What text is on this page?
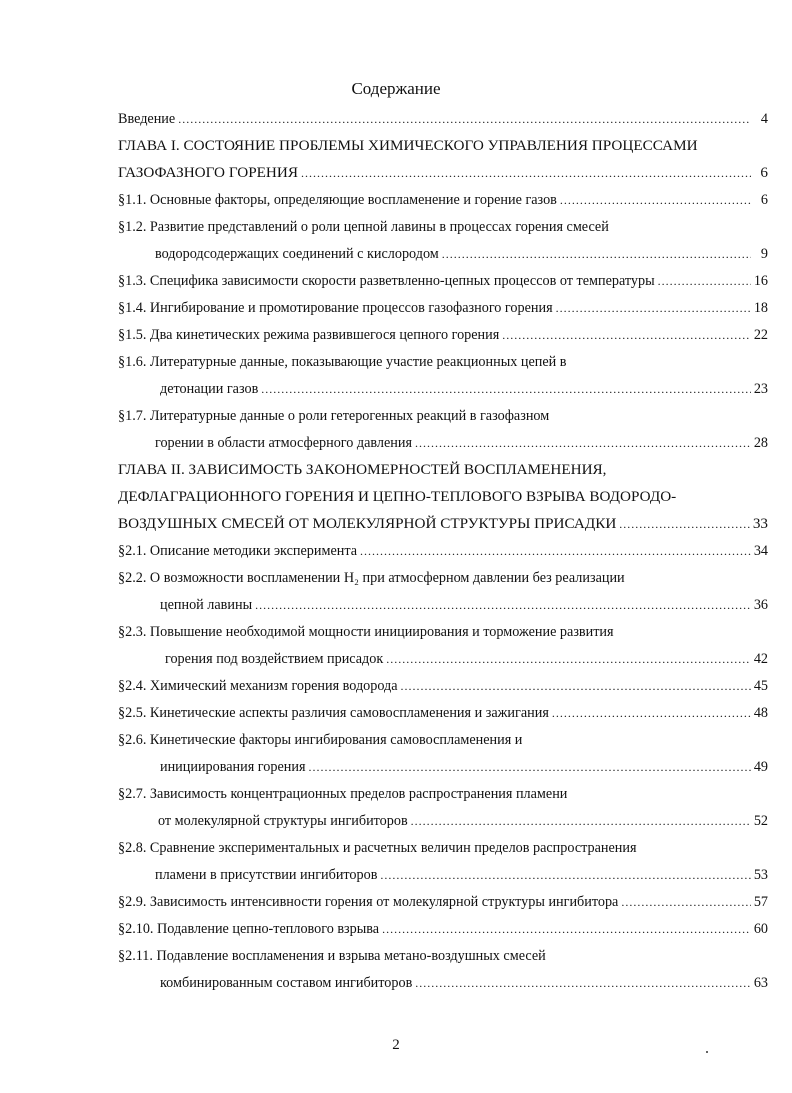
Содержание
Введение .....	4
ГЛАВА I. СОСТОЯНИЕ ПРОБЛЕМЫ ХИМИЧЕСКОГО УПРАВЛЕНИЯ ПРОЦЕССАМИ
ГАЗОФАЗНОГО ГОРЕНИЯ .....	6
§1.1. Основные факторы, определяющие воспламенение и горение газов .....	6
§1.2. Развитие представлений о роли цепной лавины в процессах горения смесей
водородсодержащих соединений с кислородом .....	9
§1.3. Специфика зависимости скорости разветвленно-цепных процессов от температуры .....	16
§1.4. Ингибирование и промотирование процессов газофазного горения .....	18
§1.5. Два кинетических режима развившегося цепного горения .....	22
§1.6. Литературные данные, показывающие участие реакционных цепей в
детонации газов .....	23
§1.7. Литературные данные о роли гетерогенных реакций в газофазном
горении в области атмосферного давления .....	28
ГЛАВА II. ЗАВИСИМОСТЬ ЗАКОНОМЕРНОСТЕЙ ВОСПЛАМЕНЕНИЯ,
ДЕФЛАГРАЦИОННОГО ГОРЕНИЯ И ЦЕПНО-ТЕПЛОВОГО ВЗРЫВА ВОДОРОДО-
ВОЗДУШНЫХ СМЕСЕЙ ОТ МОЛЕКУЛЯРНОЙ СТРУКТУРЫ ПРИСАДКИ .....	33
§2.1. Описание методики эксперимента .....	34
§2.2. О возможности воспламенении H₂ при атмосферном давлении без реализации
цепной лавины .....	36
§2.3. Повышение необходимой мощности инициирования и торможение развития
горения под воздействием присадок .....	42
§2.4. Химический механизм горения водорода .....	45
§2.5. Кинетические аспекты различия самовоспламенения и зажигания .....	48
§2.6. Кинетические факторы ингибирования самовоспламенения и
инициирования горения .....	49
§2.7. Зависимость концентрационных пределов распространения пламени
от молекулярной структуры ингибиторов .....	52
§2.8. Сравнение экспериментальных и расчетных величин пределов распространения
пламени в присутствии ингибиторов .....	53
§2.9. Зависимость интенсивности горения от молекулярной структуры ингибитора .....	57
§2.10. Подавление цепно-теплового взрыва .....	60
§2.11. Подавление воспламенения и взрыва метано-воздушных смесей
комбинированным составом ингибиторов .....	63
2
